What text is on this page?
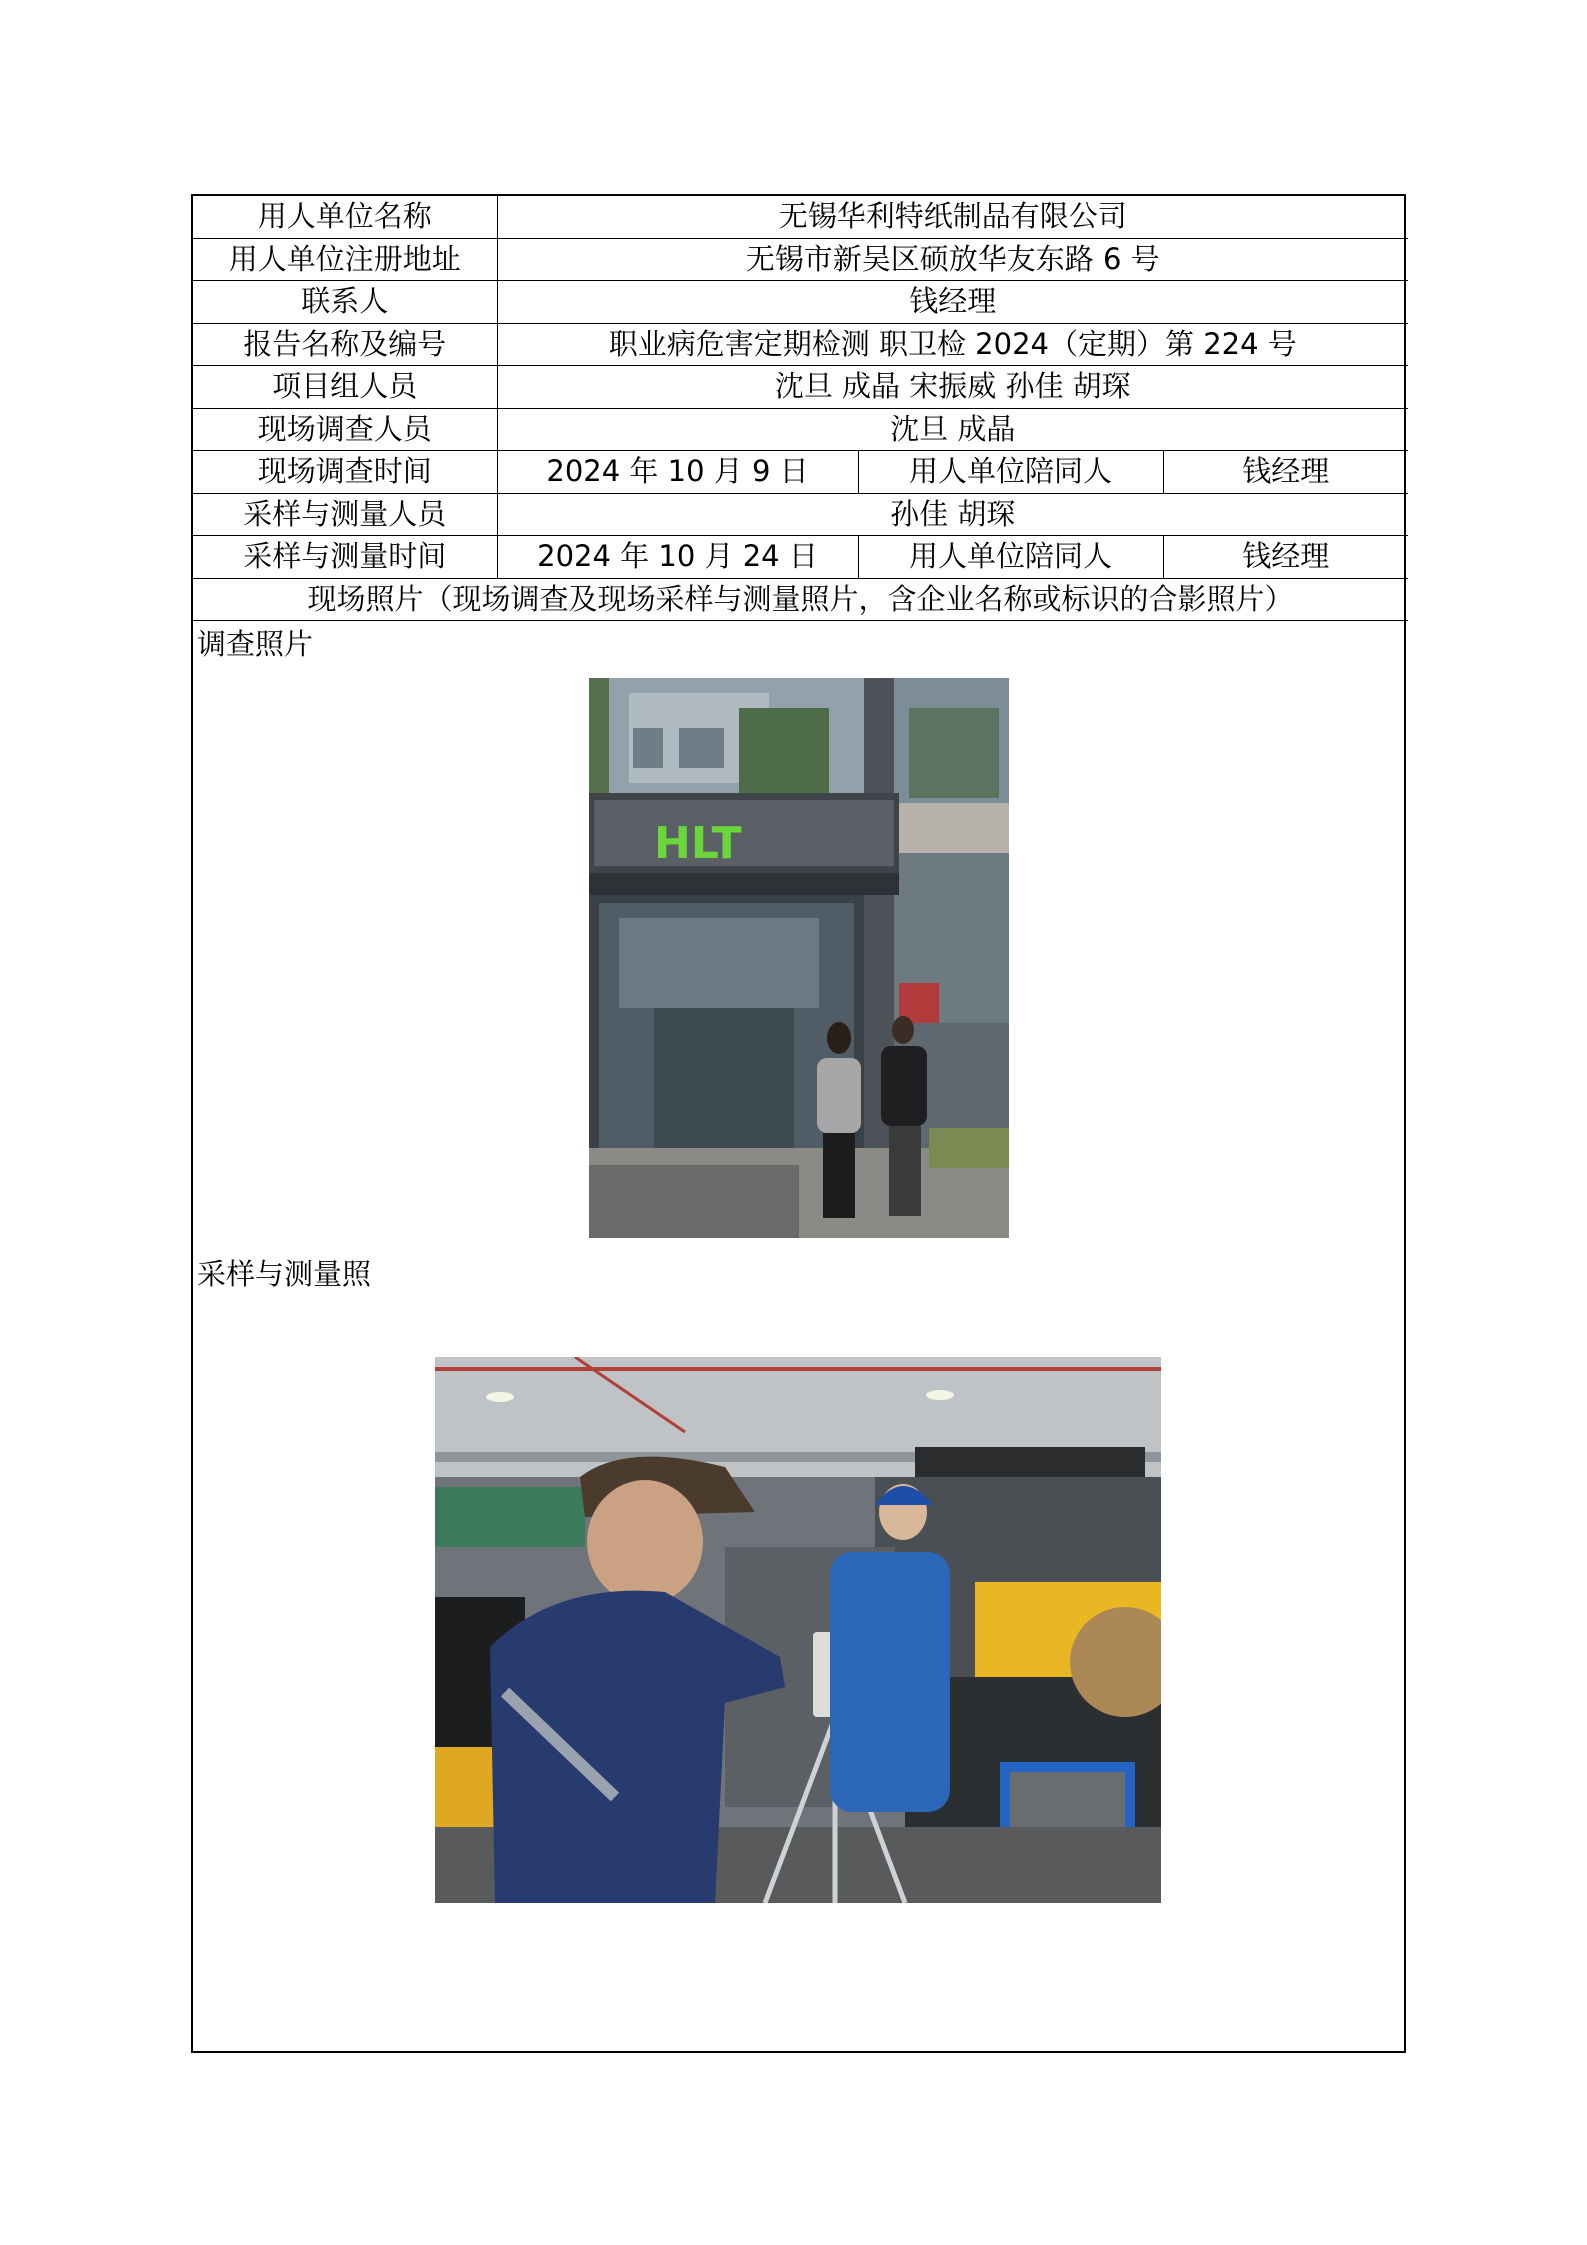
用人单位名称	无锡华利特纸制品有限公司		
用人单位注册地址	无锡市新吴区硕放华友东路 6 号		
联系人	钱经理		
报告名称及编号	职业病危害定期检测 职卫检 2024（定期）第 224 号		
项目组人员	沈旦 成晶 宋振威 孙佳 胡琛		
现场调查人员	沈旦 成晶		
现场调查时间	2024 年 10 月 9 日	用人单位陪同人	钱经理
采样与测量人员	孙佳 胡琛		
采样与测量时间	2024 年 10 月 24 日	用人单位陪同人	钱经理
现场照片（现场调查及现场采样与测量照片，含企业名称或标识的合影照片）			
调查照片
HLT
采样与测量照
